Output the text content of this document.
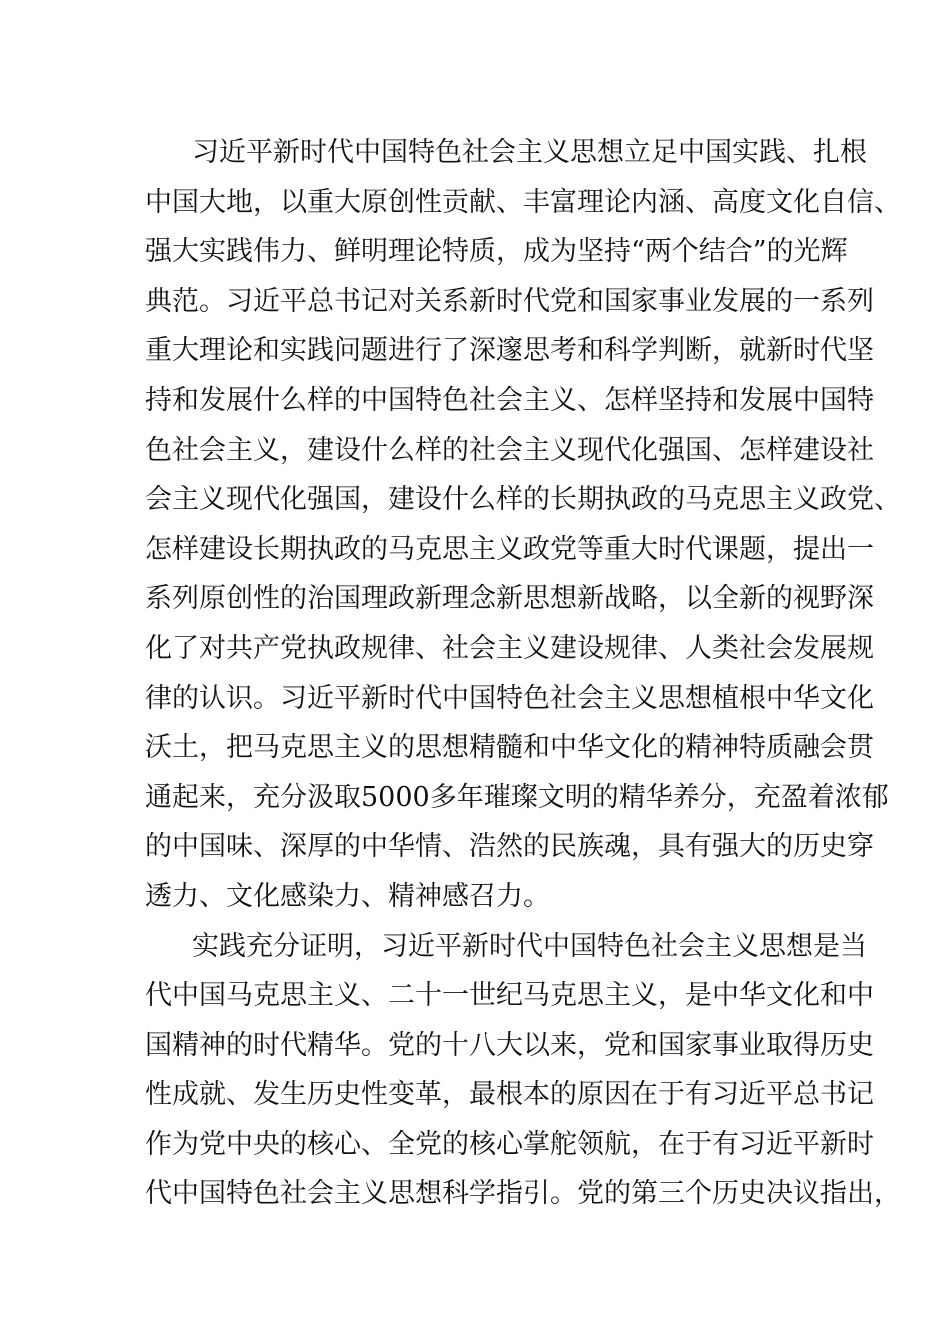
习近平新时代中国特色社会主义思想立足中国实践、扎根
中国大地，以重大原创性贡献、丰富理论内涵、高度文化自信、
强大实践伟力、鲜明理论特质，成为坚持“两个结合”的光辉
典范。习近平总书记对关系新时代党和国家事业发展的一系列
重大理论和实践问题进行了深邃思考和科学判断，就新时代坚
持和发展什么样的中国特色社会主义、怎样坚持和发展中国特
色社会主义，建设什么样的社会主义现代化强国、怎样建设社
会主义现代化强国，建设什么样的长期执政的马克思主义政党、
怎样建设长期执政的马克思主义政党等重大时代课题，提出一
系列原创性的治国理政新理念新思想新战略，以全新的视野深
化了对共产党执政规律、社会主义建设规律、人类社会发展规
律的认识。习近平新时代中国特色社会主义思想植根中华文化
沃土，把马克思主义的思想精髓和中华文化的精神特质融会贯
通起来，充分汲取5000多年璀璨文明的精华养分，充盈着浓郁
的中国味、深厚的中华情、浩然的民族魂，具有强大的历史穿
透力、文化感染力、精神感召力。
实践充分证明，习近平新时代中国特色社会主义思想是当
代中国马克思主义、二十一世纪马克思主义，是中华文化和中
国精神的时代精华。党的十八大以来，党和国家事业取得历史
性成就、发生历史性变革，最根本的原因在于有习近平总书记
作为党中央的核心、全党的核心掌舵领航，在于有习近平新时
代中国特色社会主义思想科学指引。党的第三个历史决议指出，
